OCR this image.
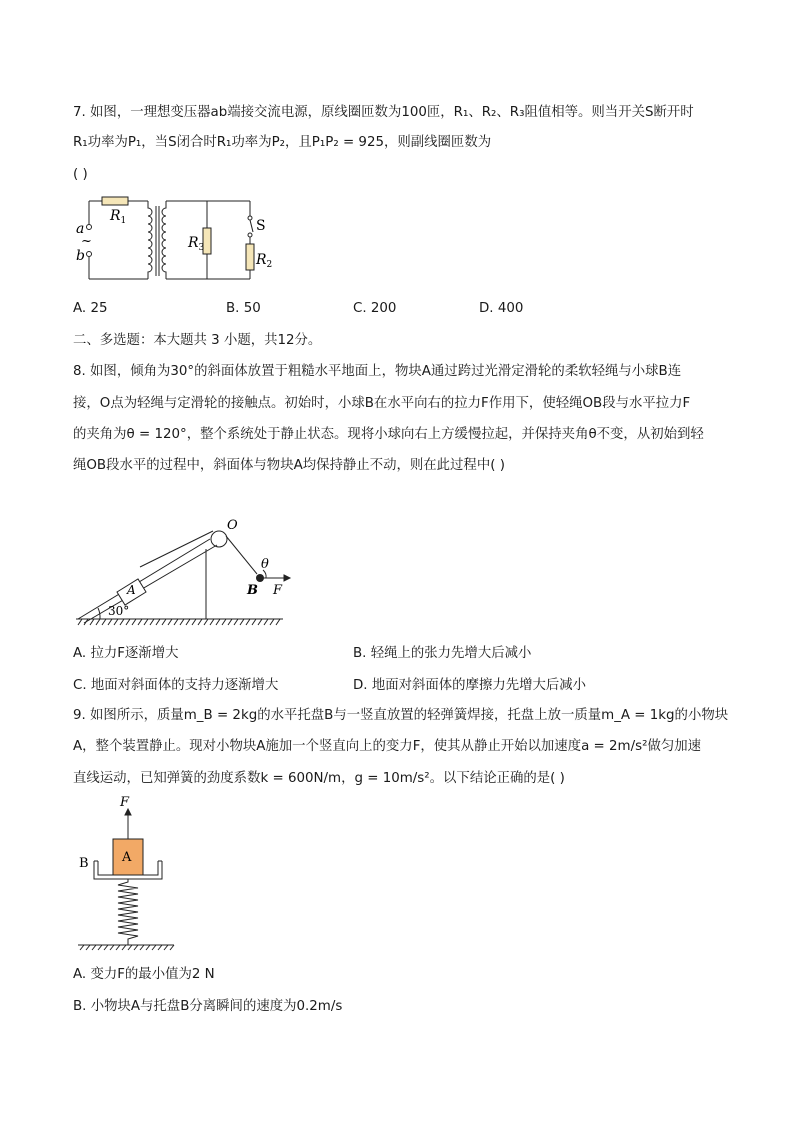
7. 如图，一理想变压器ab端接交流电源，原线圈匝数为100匝，R₁、R₂、R₃阻值相等。则当开关S断开时
R₁功率为P₁，当S闭合时R₁功率为P₂，且P₁P₂ = 925，则副线圈匝数为
( )
$R_1$
$R_3$
$R_2$
a
~
b
S
A. 25	B. 50	C. 200	D. 400
二、多选题：本大题共 3 小题，共12分。
8. 如图，倾角为30°的斜面体放置于粗糙水平地面上，物块A通过跨过光滑定滑轮的柔软轻绳与小球B连
接，O点为轻绳与定滑轮的接触点。初始时，小球B在水平向右的拉力F作用下，使轻绳OB段与水平拉力F
的夹角为θ = 120°，整个系统处于静止状态。现将小球向右上方缓慢拉起，并保持夹角θ不变，从初始到轻
绳OB段水平的过程中，斜面体与物块A均保持静止不动，则在此过程中( )
O
θ
A	B F
30°
A. 拉力F逐渐增大	B. 轻绳上的张力先增大后减小
C. 地面对斜面体的支持力逐渐增大	D. 地面对斜面体的摩擦力先增大后减小
9. 如图所示，质量m_B = 2kg的水平托盘B与一竖直放置的轻弹簧焊接，托盘上放一质量m_A = 1kg的小物块
A，整个装置静止。现对小物块A施加一个竖直向上的变力F，使其从静止开始以加速度a = 2m/s²做匀加速
直线运动，已知弹簧的劲度系数k = 600N/m，g = 10m/s²。以下结论正确的是( )
F
A
B
A. 变力F的最小值为2 N
B. 小物块A与托盘B分离瞬间的速度为0.2m/s
